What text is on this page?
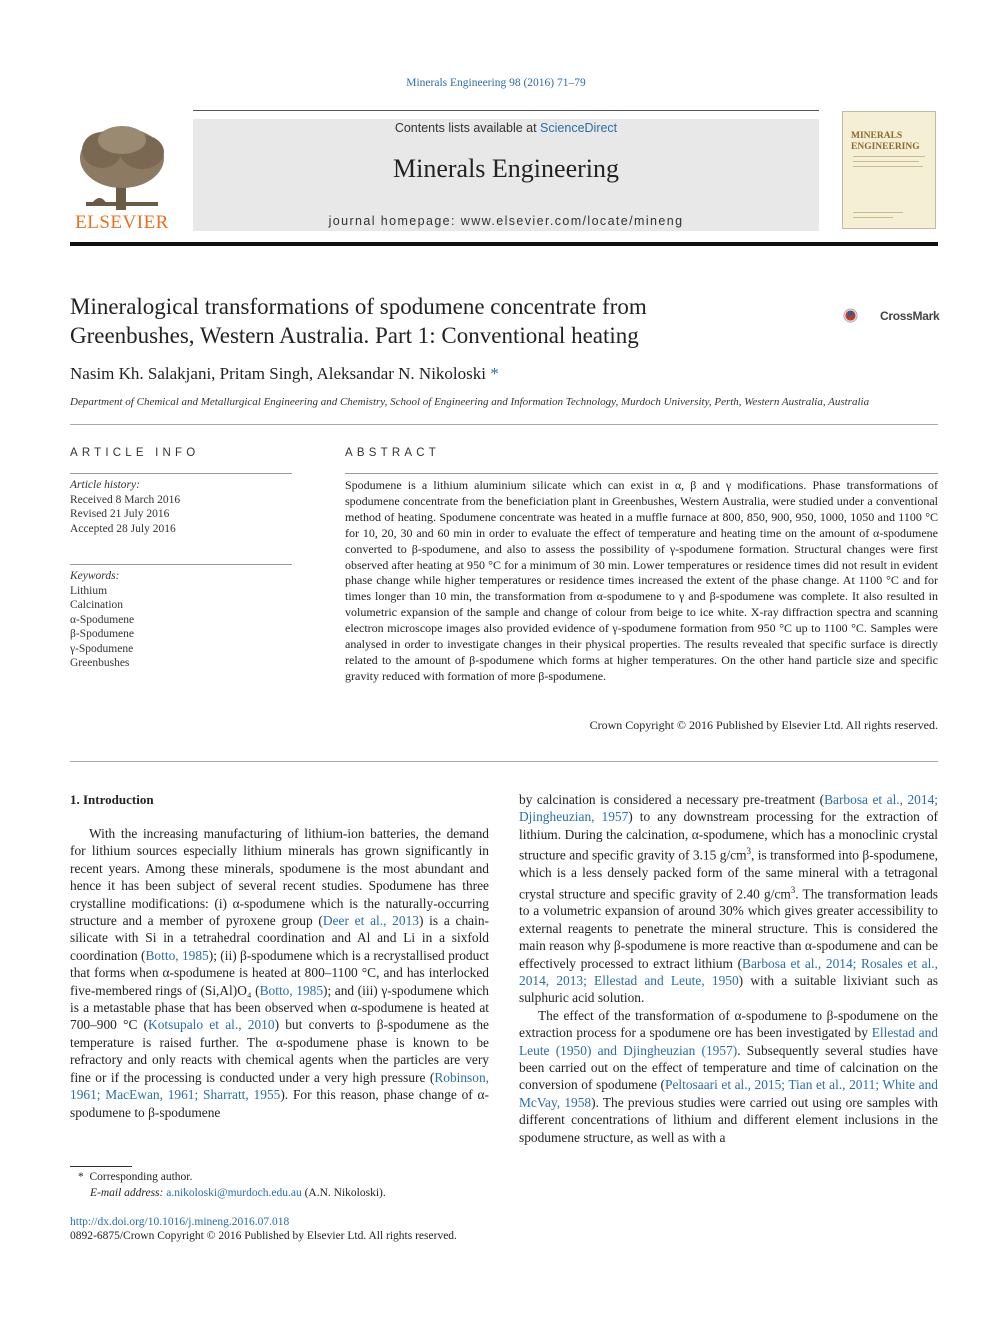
Minerals Engineering 98 (2016) 71–79
ELSEVIER
Contents lists available at ScienceDirect
Minerals Engineering
journal homepage: www.elsevier.com/locate/mineng
MINERALS
ENGINEERING
Mineralogical transformations of spodumene concentrate from
Greenbushes, Western Australia. Part 1: Conventional heating
CrossMark
Nasim Kh. Salakjani, Pritam Singh, Aleksandar N. Nikoloski *
Department of Chemical and Metallurgical Engineering and Chemistry, School of Engineering and Information Technology, Murdoch University, Perth, Western Australia, Australia
ARTICLE INFO
Article history:
Received 8 March 2016
Revised 21 July 2016
Accepted 28 July 2016
Keywords:
Lithium
Calcination
α-Spodumene
β-Spodumene
γ-Spodumene
Greenbushes
ABSTRACT
Spodumene is a lithium aluminium silicate which can exist in α, β and γ modifications. Phase transformations of spodumene concentrate from the beneficiation plant in Greenbushes, Western Australia, were studied under a conventional method of heating. Spodumene concentrate was heated in a muffle furnace at 800, 850, 900, 950, 1000, 1050 and 1100 °C for 10, 20, 30 and 60 min in order to evaluate the effect of temperature and heating time on the amount of α-spodumene converted to β-spodumene, and also to assess the possibility of γ-spodumene formation. Structural changes were first observed after heating at 950 °C for a minimum of 30 min. Lower temperatures or residence times did not result in evident phase change while higher temperatures or residence times increased the extent of the phase change. At 1100 °C and for times longer than 10 min, the transformation from α-spodumene to γ and β-spodumene was complete. It also resulted in volumetric expansion of the sample and change of colour from beige to ice white. X-ray diffraction spectra and scanning electron microscope images also provided evidence of γ-spodumene formation from 950 °C up to 1100 °C. Samples were analysed in order to investigate changes in their physical properties. The results revealed that specific surface is directly related to the amount of β-spodumene which forms at higher temperatures. On the other hand particle size and specific gravity reduced with formation of more β-spodumene.
Crown Copyright © 2016 Published by Elsevier Ltd. All rights reserved.
1. Introduction

With the increasing manufacturing of lithium-ion batteries, the demand for lithium sources especially lithium minerals has grown significantly in recent years. Among these minerals, spodumene is the most abundant and hence it has been subject of several recent studies. Spodumene has three crystalline modifications: (i) α-spodumene which is the naturally-occurring structure and a member of pyroxene group (Deer et al., 2013) is a chain-silicate with Si in a tetrahedral coordination and Al and Li in a sixfold coordination (Botto, 1985); (ii) β-spodumene which is a recrystallised product that forms when α-spodumene is heated at 800–1100 °C, and has interlocked five-membered rings of (Si,Al)O₄ (Botto, 1985); and (iii) γ-spodumene which is a metastable phase that has been observed when α-spodumene is heated at 700–900 °C (Kotsupalo et al., 2010) but converts to β-spodumene as the temperature is raised further. The α-spodumene phase is known to be refractory and only reacts with chemical agents when the particles are very fine or if the processing is conducted under a very high pressure (Robinson, 1961; MacEwan, 1961; Sharratt, 1955). For this reason, phase change of α-spodumene to β-spodumene

by calcination is considered a necessary pre-treatment (Barbosa et al., 2014; Djingheuzian, 1957) to any downstream processing for the extraction of lithium. During the calcination, α-spodumene, which has a monoclinic crystal structure and specific gravity of 3.15 $g/cm^3$, is transformed into β-spodumene, which is a less densely packed form of the same mineral with a tetragonal crystal structure and specific gravity of 2.40 $g/cm^3$. The transformation leads to a volumetric expansion of around 30% which gives greater accessibility to external reagents to penetrate the mineral structure. This is considered the main reason why β-spodumene is more reactive than α-spodumene and can be effectively processed to extract lithium (Barbosa et al., 2014; Rosales et al., 2014, 2013; Ellestad and Leute, 1950) with a suitable lixiviant such as sulphuric acid solution.

The effect of the transformation of α-spodumene to β-spodumene on the extraction process for a spodumene ore has been investigated by Ellestad and Leute (1950) and Djingheuzian (1957). Subsequently several studies have been carried out on the effect of temperature and time of calcination on the conversion of spodumene (Peltosaari et al., 2015; Tian et al., 2011; White and McVay, 1958). The previous studies were carried out using ore samples with different concentrations of lithium and different element inclusions in the spodumene structure, as well as with a

* Corresponding author.
E-mail address: a.nikoloski@murdoch.edu.au (A.N. Nikoloski).
http://dx.doi.org/10.1016/j.mineng.2016.07.018
0892-6875/Crown Copyright © 2016 Published by Elsevier Ltd. All rights reserved.
